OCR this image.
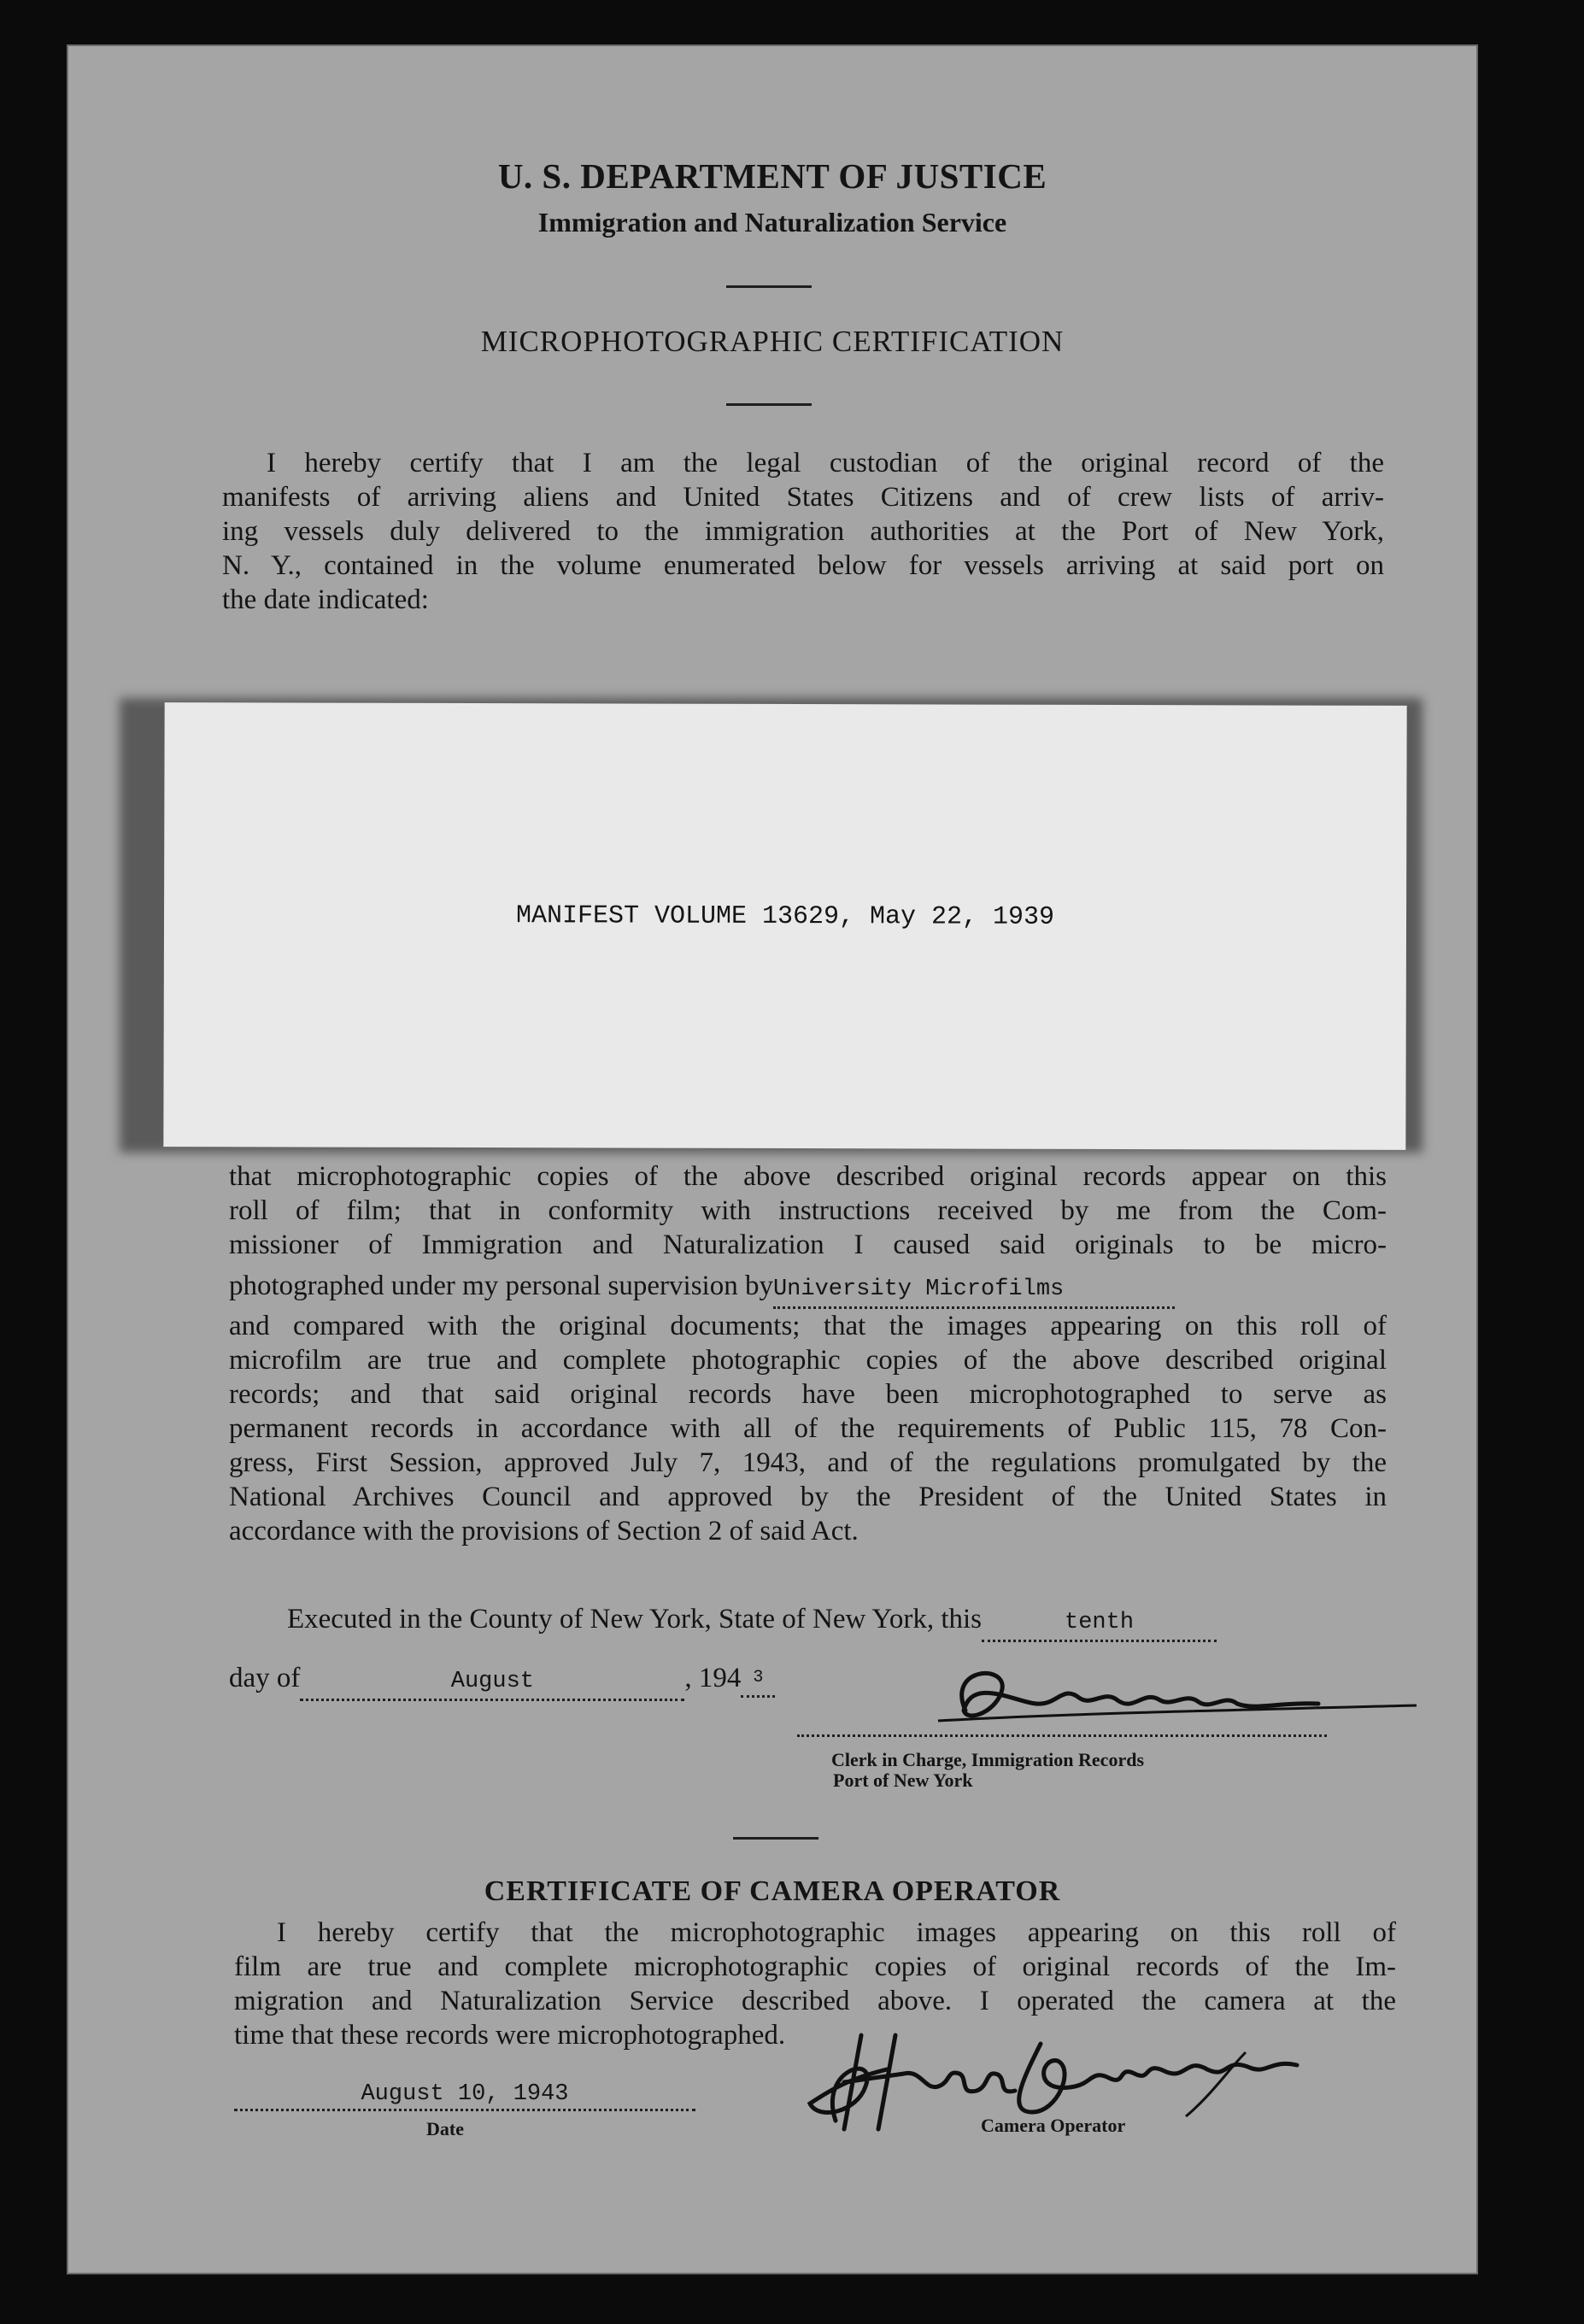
U. S. DEPARTMENT OF JUSTICE
Immigration and Naturalization Service
MICROPHOTOGRAPHIC CERTIFICATION
I hereby certify that I am the legal custodian of the original record of the
manifests of arriving aliens and United States Citizens and of crew lists of arriv-
ing vessels duly delivered to the immigration authorities at the Port of New York,
N. Y., contained in the volume enumerated below for vessels arriving at said port on
the date indicated:
MANIFEST VOLUME 13629, May 22, 1939
that microphotographic copies of the above described original records appear on this
roll of film; that in conformity with instructions received by me from the Com-
missioner of Immigration and Naturalization I caused said originals to be micro-
photographed under my personal supervision byUniversity Microfilms
and compared with the original documents; that the images appearing on this roll of
microfilm are true and complete photographic copies of the above described original
records; and that said original records have been microphotographed to serve as
permanent records in accordance with all of the requirements of Public 115, 78 Con-
gress, First Session, approved July 7, 1943, and of the regulations promulgated by the
National Archives Council and approved by the President of the United States in
accordance with the provisions of Section 2 of said Act.
Executed in the County of New York, State of New York, this	tenth
day of	August	, 194 3
Clerk in Charge, Immigration Records
Port of New York
CERTIFICATE OF CAMERA OPERATOR
I hereby certify that the microphotographic images appearing on this roll of
film are true and complete microphotographic copies of original records of the Im-
migration and Naturalization Service described above. I operated the camera at the
time that these records were microphotographed.
August 10, 1943
Date	Camera Operator
